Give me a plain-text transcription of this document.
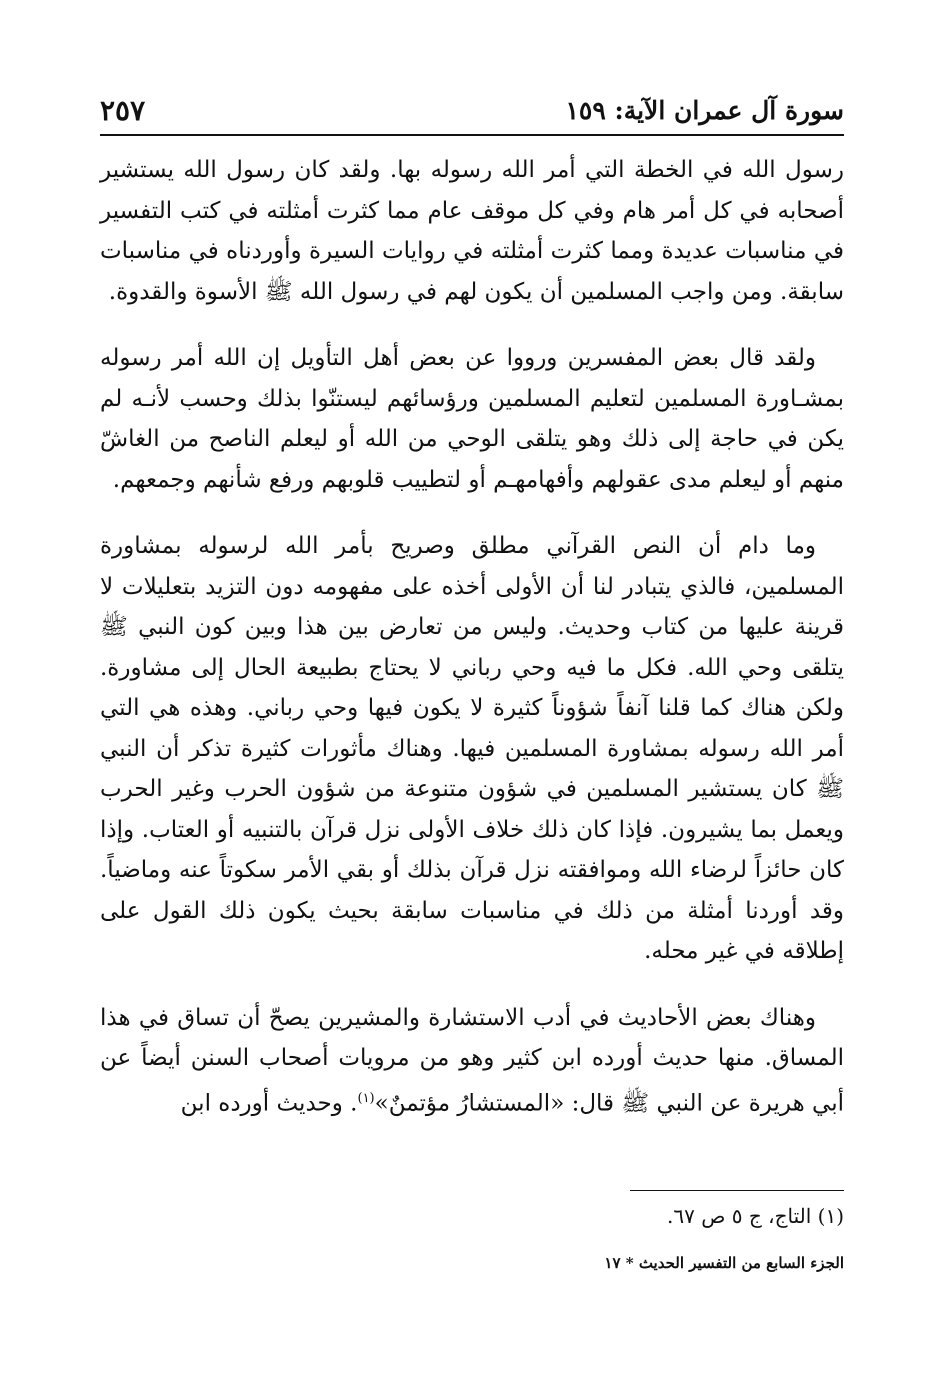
سورة آل عمران الآية: ١٥٩
٢٥٧

رسول الله في الخطة التي أمر الله رسوله بها. ولقد كان رسول الله يستشير أصحابه في كل أمر هام وفي كل موقف عام مما كثرت أمثلته في كتب التفسير في مناسبات عديدة ومما كثرت أمثلته في روايات السيرة وأوردناه في مناسبات سابقة. ومن واجب المسلمين أن يكون لهم في رسول الله ﷺ الأسوة والقدوة.

ولقد قال بعض المفسرين ورووا عن بعض أهل التأويل إن الله أمر رسوله بمشـاورة المسلمين لتعليم المسلمين ورؤسائهم ليستنّوا بذلك وحسب لأنـه لم يكن في حاجة إلى ذلك وهو يتلقى الوحي من الله أو ليعلم الناصح من الغاشّ منهم أو ليعلم مدى عقولهم وأفهامهـم أو لتطييب قلوبهم ورفع شأنهم وجمعهم.

وما دام أن النص القرآني مطلق وصريح بأمر الله لرسوله بمشاورة المسلمين، فالذي يتبادر لنا أن الأولى أخذه على مفهومه دون التزيد بتعليلات لا قرينة عليها من كتاب وحديث. وليس من تعارض بين هذا وبين كون النبي ﷺ يتلقى وحي الله. فكل ما فيه وحي رباني لا يحتاج بطبيعة الحال إلى مشاورة. ولكن هناك كما قلنا آنفاً شؤوناً كثيرة لا يكون فيها وحي رباني. وهذه هي التي أمر الله رسوله بمشاورة المسلمين فيها. وهناك مأثورات كثيرة تذكر أن النبي ﷺ كان يستشير المسلمين في شؤون متنوعة من شؤون الحرب وغير الحرب ويعمل بما يشيرون. فإذا كان ذلك خلاف الأولى نزل قرآن بالتنبيه أو العتاب. وإذا كان حائزاً لرضاء الله وموافقته نزل قرآن بذلك أو بقي الأمر سكوتاً عنه وماضياً. وقد أوردنا أمثلة من ذلك في مناسبات سابقة بحيث يكون ذلك القول على إطلاقه في غير محله.

وهناك بعض الأحاديث في أدب الاستشارة والمشيرين يصحّ أن تساق في هذا المساق. منها حديث أورده ابن كثير وهو من مرويات أصحاب السنن أيضاً عن أبي هريرة عن النبي ﷺ قال: «المستشارُ مؤتمنٌ»$^{(١)}$. وحديث أورده ابن

(١) التاج، ج ٥ ص ٦٧.
الجزء السابع من التفسير الحديث * ١٧
